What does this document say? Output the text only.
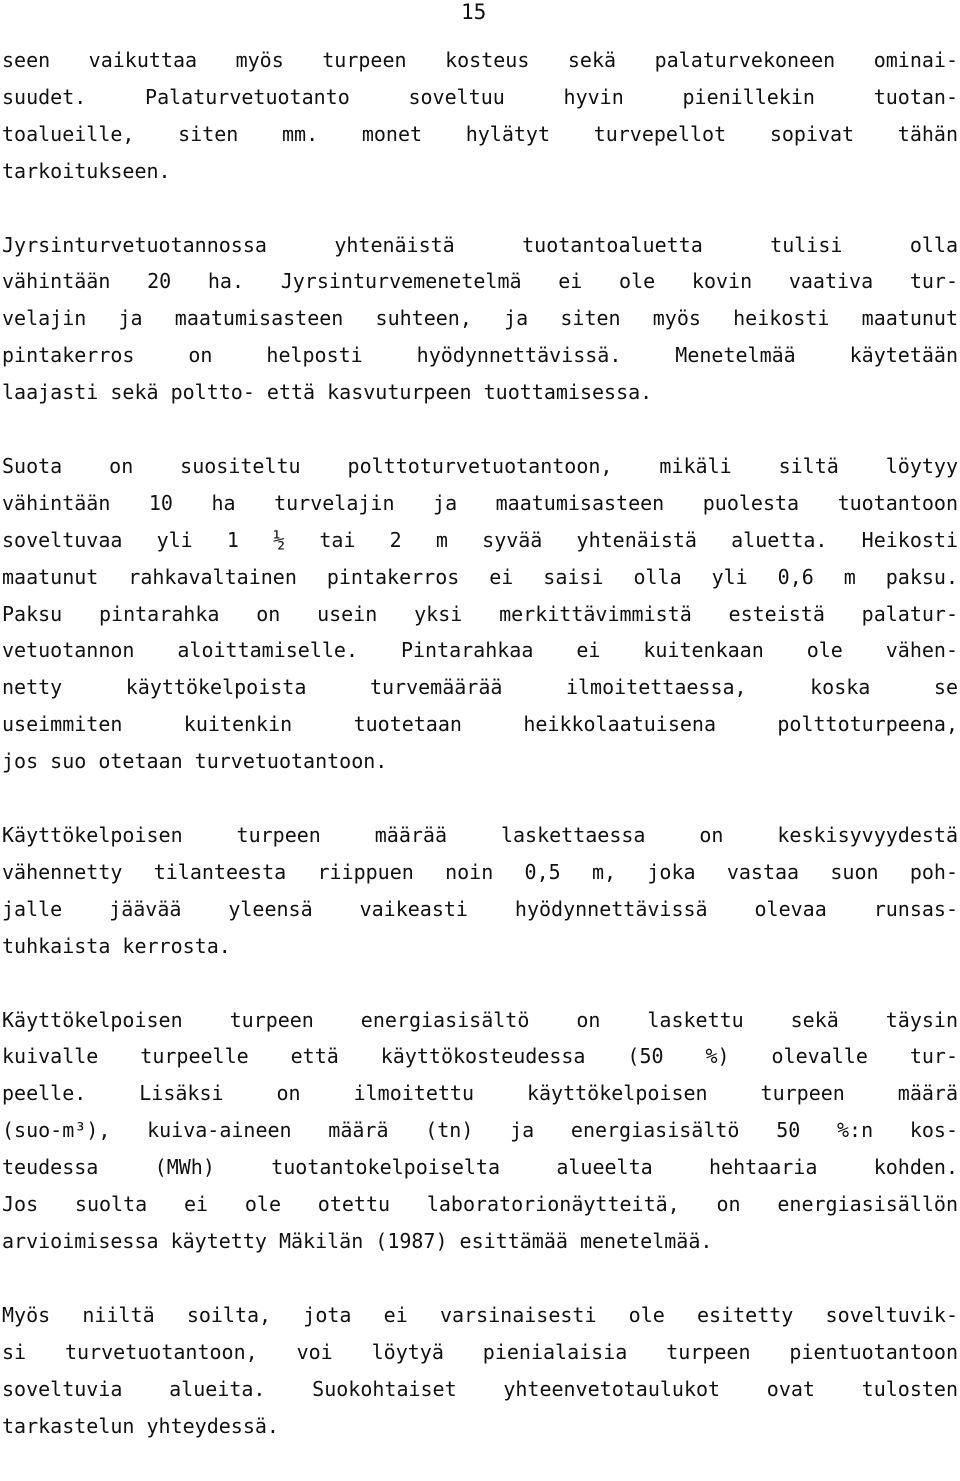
15

seen vaikuttaa myös turpeen kosteus sekä palaturvekoneen ominai-
suudet. Palaturvetuotanto soveltuu hyvin pienillekin tuotan-
toalueille, siten mm. monet hylätyt turvepellot sopivat tähän
tarkoitukseen.

Jyrsinturvetuotannossa yhtenäistä tuotantoaluetta tulisi olla
vähintään 20 ha. Jyrsinturvemenetelmä ei ole kovin vaativa tur-
velajin ja maatumisasteen suhteen, ja siten myös heikosti maatunut
pintakerros on helposti hyödynnettävissä. Menetelmää käytetään
laajasti sekä poltto- että kasvuturpeen tuottamisessa.

Suota on suositeltu polttoturvetuotantoon, mikäli siltä löytyy
vähintään 10 ha turvelajin ja maatumisasteen puolesta tuotantoon
soveltuvaa yli 1 ½ tai 2 m syvää yhtenäistä aluetta. Heikosti
maatunut rahkavaltainen pintakerros ei saisi olla yli 0,6 m paksu.
Paksu pintarahka on usein yksi merkittävimmistä esteistä palatur-
vetuotannon aloittamiselle. Pintarahkaa ei kuitenkaan ole vähen-
netty käyttökelpoista turvemäärää ilmoitettaessa, koska se
useimmiten kuitenkin tuotetaan heikkolaatuisena polttoturpeena,
jos suo otetaan turvetuotantoon.

Käyttökelpoisen turpeen määrää laskettaessa on keskisyvyydestä
vähennetty tilanteesta riippuen noin 0,5 m, joka vastaa suon poh-
jalle jäävää yleensä vaikeasti hyödynnettävissä olevaa runsas-
tuhkaista kerrosta.

Käyttökelpoisen turpeen energiasisältö on laskettu sekä täysin
kuivalle turpeelle että käyttökosteudessa (50 %) olevalle tur-
peelle. Lisäksi on ilmoitettu käyttökelpoisen turpeen määrä
(suo-m³), kuiva-aineen määrä (tn) ja energiasisältö 50 %:n kos-
teudessa (MWh) tuotantokelpoiselta alueelta hehtaaria kohden.
Jos suolta ei ole otettu laboratorionäytteitä, on energiasisällön
arvioimisessa käytetty Mäkilän (1987) esittämää menetelmää.

Myös niiltä soilta, jota ei varsinaisesti ole esitetty soveltuvik-
si turvetuotantoon, voi löytyä pienialaisia turpeen pientuotantoon
soveltuvia alueita. Suokohtaiset yhteenvetotaulukot ovat tulosten
tarkastelun yhteydessä.
